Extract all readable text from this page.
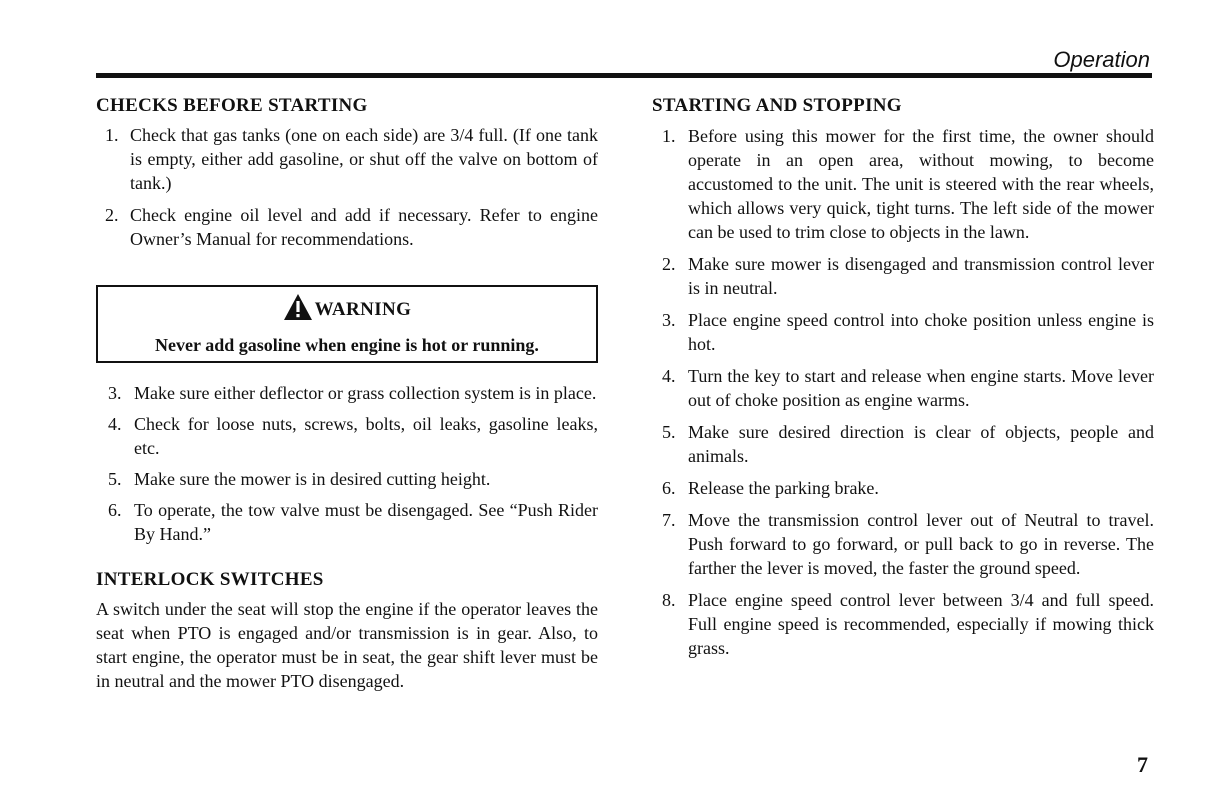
Operation
CHECKS BEFORE STARTING
1. Check that gas tanks (one on each side) are 3/4 full. (If one tank is empty, either add gasoline, or shut off the valve on bottom of tank.)
2. Check engine oil level and add if necessary. Refer to engine Owner’s Manual for recommendations.
WARNING
Never add gasoline when engine is hot or running.
3. Make sure either deflector or grass collection system is in place.
4. Check for loose nuts, screws, bolts, oil leaks, gasoline leaks, etc.
5. Make sure the mower is in desired cutting height.
6. To operate, the tow valve must be disengaged. See “Push Rider By Hand.”
INTERLOCK SWITCHES

A switch under the seat will stop the engine if the operator leaves the seat when PTO is engaged and/or transmission is in gear. Also, to start engine, the operator must be in seat, the gear shift lever must be in neutral and the mower PTO disengaged.

STARTING AND STOPPING
1. Before using this mower for the first time, the owner should operate in an open area, without mowing, to become accustomed to the unit. The unit is steered with the rear wheels, which allows very quick, tight turns. The left side of the mower can be used to trim close to objects in the lawn.
2. Make sure mower is disengaged and transmission control lever is in neutral.
3. Place engine speed control into choke position unless engine is hot.
4. Turn the key to start and release when engine starts. Move lever out of choke position as engine warms.
5. Make sure desired direction is clear of objects, people and animals.
6. Release the parking brake.
7. Move the transmission control lever out of Neutral to travel. Push forward to go forward, or pull back to go in reverse. The farther the lever is moved, the faster the ground speed.
8. Place engine speed control lever between 3/4 and full speed. Full engine speed is recommended, especially if mowing thick grass.
7
